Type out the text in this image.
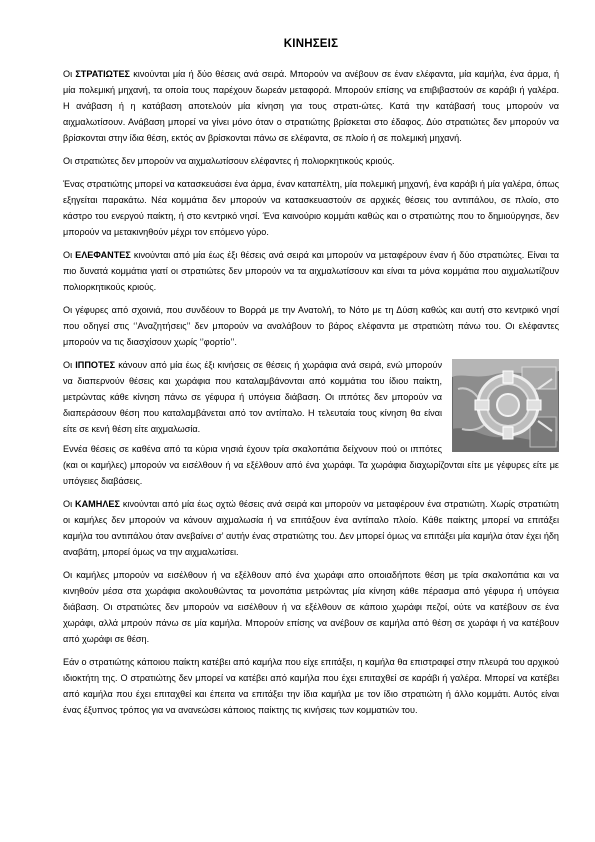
ΚΙΝΗΣΕΙΣ

Οι ΣΤΡΑΤΙΩΤΕΣ κινούνται μία ή δύο θέσεις ανά σειρά. Μπορούν να ανέβουν σε έναν ελέφαντα, μία καμήλα, ένα άρμα, ή μία πολεμική μηχανή, τα οποία τους παρέχουν δωρεάν μεταφορά. Μπορούν επίσης να επιβιβαστούν σε καράβι ή γαλέρα. Η ανάβαση ή η κατάβαση αποτελούν μία κίνηση για τους στρατι-ώτες. Κατά την κατάβασή τους μπορούν να αιχμαλωτίσουν. Ανάβαση μπορεί να γίνει μόνο όταν ο στρατιώτης βρίσκεται στο έδαφος. Δύο στρατιώτες δεν μπορούν να βρίσκονται στην ίδια θέση, εκτός αν βρίσκονται πάνω σε ελέφαντα, σε πλοίο ή σε πολεμική μηχανή.

Οι στρατιώτες δεν μπορούν να αιχμαλωτίσουν ελέφαντες ή πολιορκητικούς κριούς.

Ένας στρατιώτης μπορεί να κατασκευάσει ένα άρμα, έναν καταπέλτη, μία πολεμική μηχανή, ένα καράβι ή μία γαλέρα, όπως εξηγείται παρακάτω. Νέα κομμάτια δεν μπορούν να κατασκευαστούν σε αρχικές θέσεις του αντιπάλου, σε πλοίο, στο κάστρο του ενεργού παίκτη, ή στο κεντρικό νησί. Ένα καινούριο κομμάτι καθώς και ο στρατιώτης που το δημιούργησε, δεν μπορούν να μετακινηθούν μέχρι τον επόμενο γύρο.

Οι ΕΛΕΦΑΝΤΕΣ κινούνται από μία έως έξι θέσεις ανά σειρά και μπορούν να μεταφέρουν έναν ή δύο στρατιώτες. Είναι τα πιο δυνατά κομμάτια γιατί οι στρατιώτες δεν μπορούν να τα αιχμαλωτίσουν και είναι τα μόνα κομμάτια που αιχμαλωτίζουν πολιορκητικούς κριούς.

Οι γέφυρες από σχοινιά, που συνδέουν το Βορρά με την Ανατολή, το Νότο με τη Δύση καθώς και αυτή στο κεντρικό νησί που οδηγεί στις ‘’Αναζητήσεις’’ δεν μπορούν να αναλάβουν το βάρος ελέφαντα με στρατιώτη πάνω του. Οι ελέφαντες μπορούν να τις διασχίσουν χωρίς ‘’φορτίο’’.

Οι ΙΠΠΟΤΕΣ κάνουν από μία έως έξι κινήσεις σε θέσεις ή χωράφια ανά σειρά, ενώ μπορούν να διαπερνούν θέσεις και χωράφια που καταλαμβάνονται από κομμάτια του ίδιου παίκτη, μετρώντας κάθε κίνηση πάνω σε γέφυρα ή υπόγεια διάβαση. Οι ιππότες δεν μπορούν να διαπεράσουν θέση που καταλαμβάνεται από τον αντίπαλο. Η τελευταία τους κίνηση θα είναι είτε σε κενή θέση είτε αιχμαλωσία.

Εννέα θέσεις σε καθένα από τα κύρια νησιά έχουν τρία σκαλοπάτια δείχνουν πού οι ιππότες (και οι καμήλες) μπορούν να εισέλθουν ή να εξέλθουν από ένα χωράφι. Τα χωράφια διαχωρίζονται είτε με γέφυρες είτε με υπόγειες διαβάσεις.

Οι ΚΑΜΗΛΕΣ κινούνται από μία έως οχτώ θέσεις ανά σειρά και μπορούν να μεταφέρουν ένα στρατιώτη. Χωρίς στρατιώτη οι καμήλες δεν μπορούν να κάνουν αιχμαλωσία ή να επιτάξουν ένα αντίπαλο πλοίο. Κάθε παίκτης μπορεί να επιτάξει καμήλα του αντιπάλου όταν ανεβαίνει σ’ αυτήν ένας στρατιώτης του. Δεν μπορεί όμως να επιτάξει μία καμήλα όταν έχει ήδη αναβάτη, μπορεί όμως να την αιχμαλωτίσει.

Οι καμήλες μπορούν να εισέλθουν ή να εξέλθουν από ένα χωράφι απο οποιαδήποτε θέση με τρία σκαλοπάτια και να κινηθούν μέσα στα χωράφια ακολουθώντας τα μονοπάτια μετρώντας μία κίνηση κάθε πέρασμα από γέφυρα ή υπόγεια διάβαση. Οι στρατιώτες δεν μπορούν να εισέλθουν ή να εξέλθουν σε κάποιο χωράφι πεζοί, ούτε να κατέβουν σε ένα χωράφι, αλλά μπρούν πάνω σε μία καμήλα. Μπορούν επίσης να ανέβουν σε καμήλα από θέση σε χωράφι ή να κατέβουν από χωράφι σε θέση.

Εάν ο στρατιώτης κάποιου παίκτη κατέβει από καμήλα που είχε επιτάξει, η καμήλα θα επιστραφεί στην πλευρά του αρχικού ιδιοκτήτη της. Ο στρατιώτης δεν μπορεί να κατέβει από καμήλα που έχει επιταχθεί σε καράβι ή γαλέρα. Μπορεί να κατέβει από καμήλα που έχει επιταχθεί και έπειτα να επιτάξει την ίδια καμήλα με τον ίδιο στρατιώτη ή άλλο κομμάτι. Αυτός είναι ένας έξυπνος τρόπος για να ανανεώσει κάποιος παίκτης τις κινήσεις των κομματιών του.
